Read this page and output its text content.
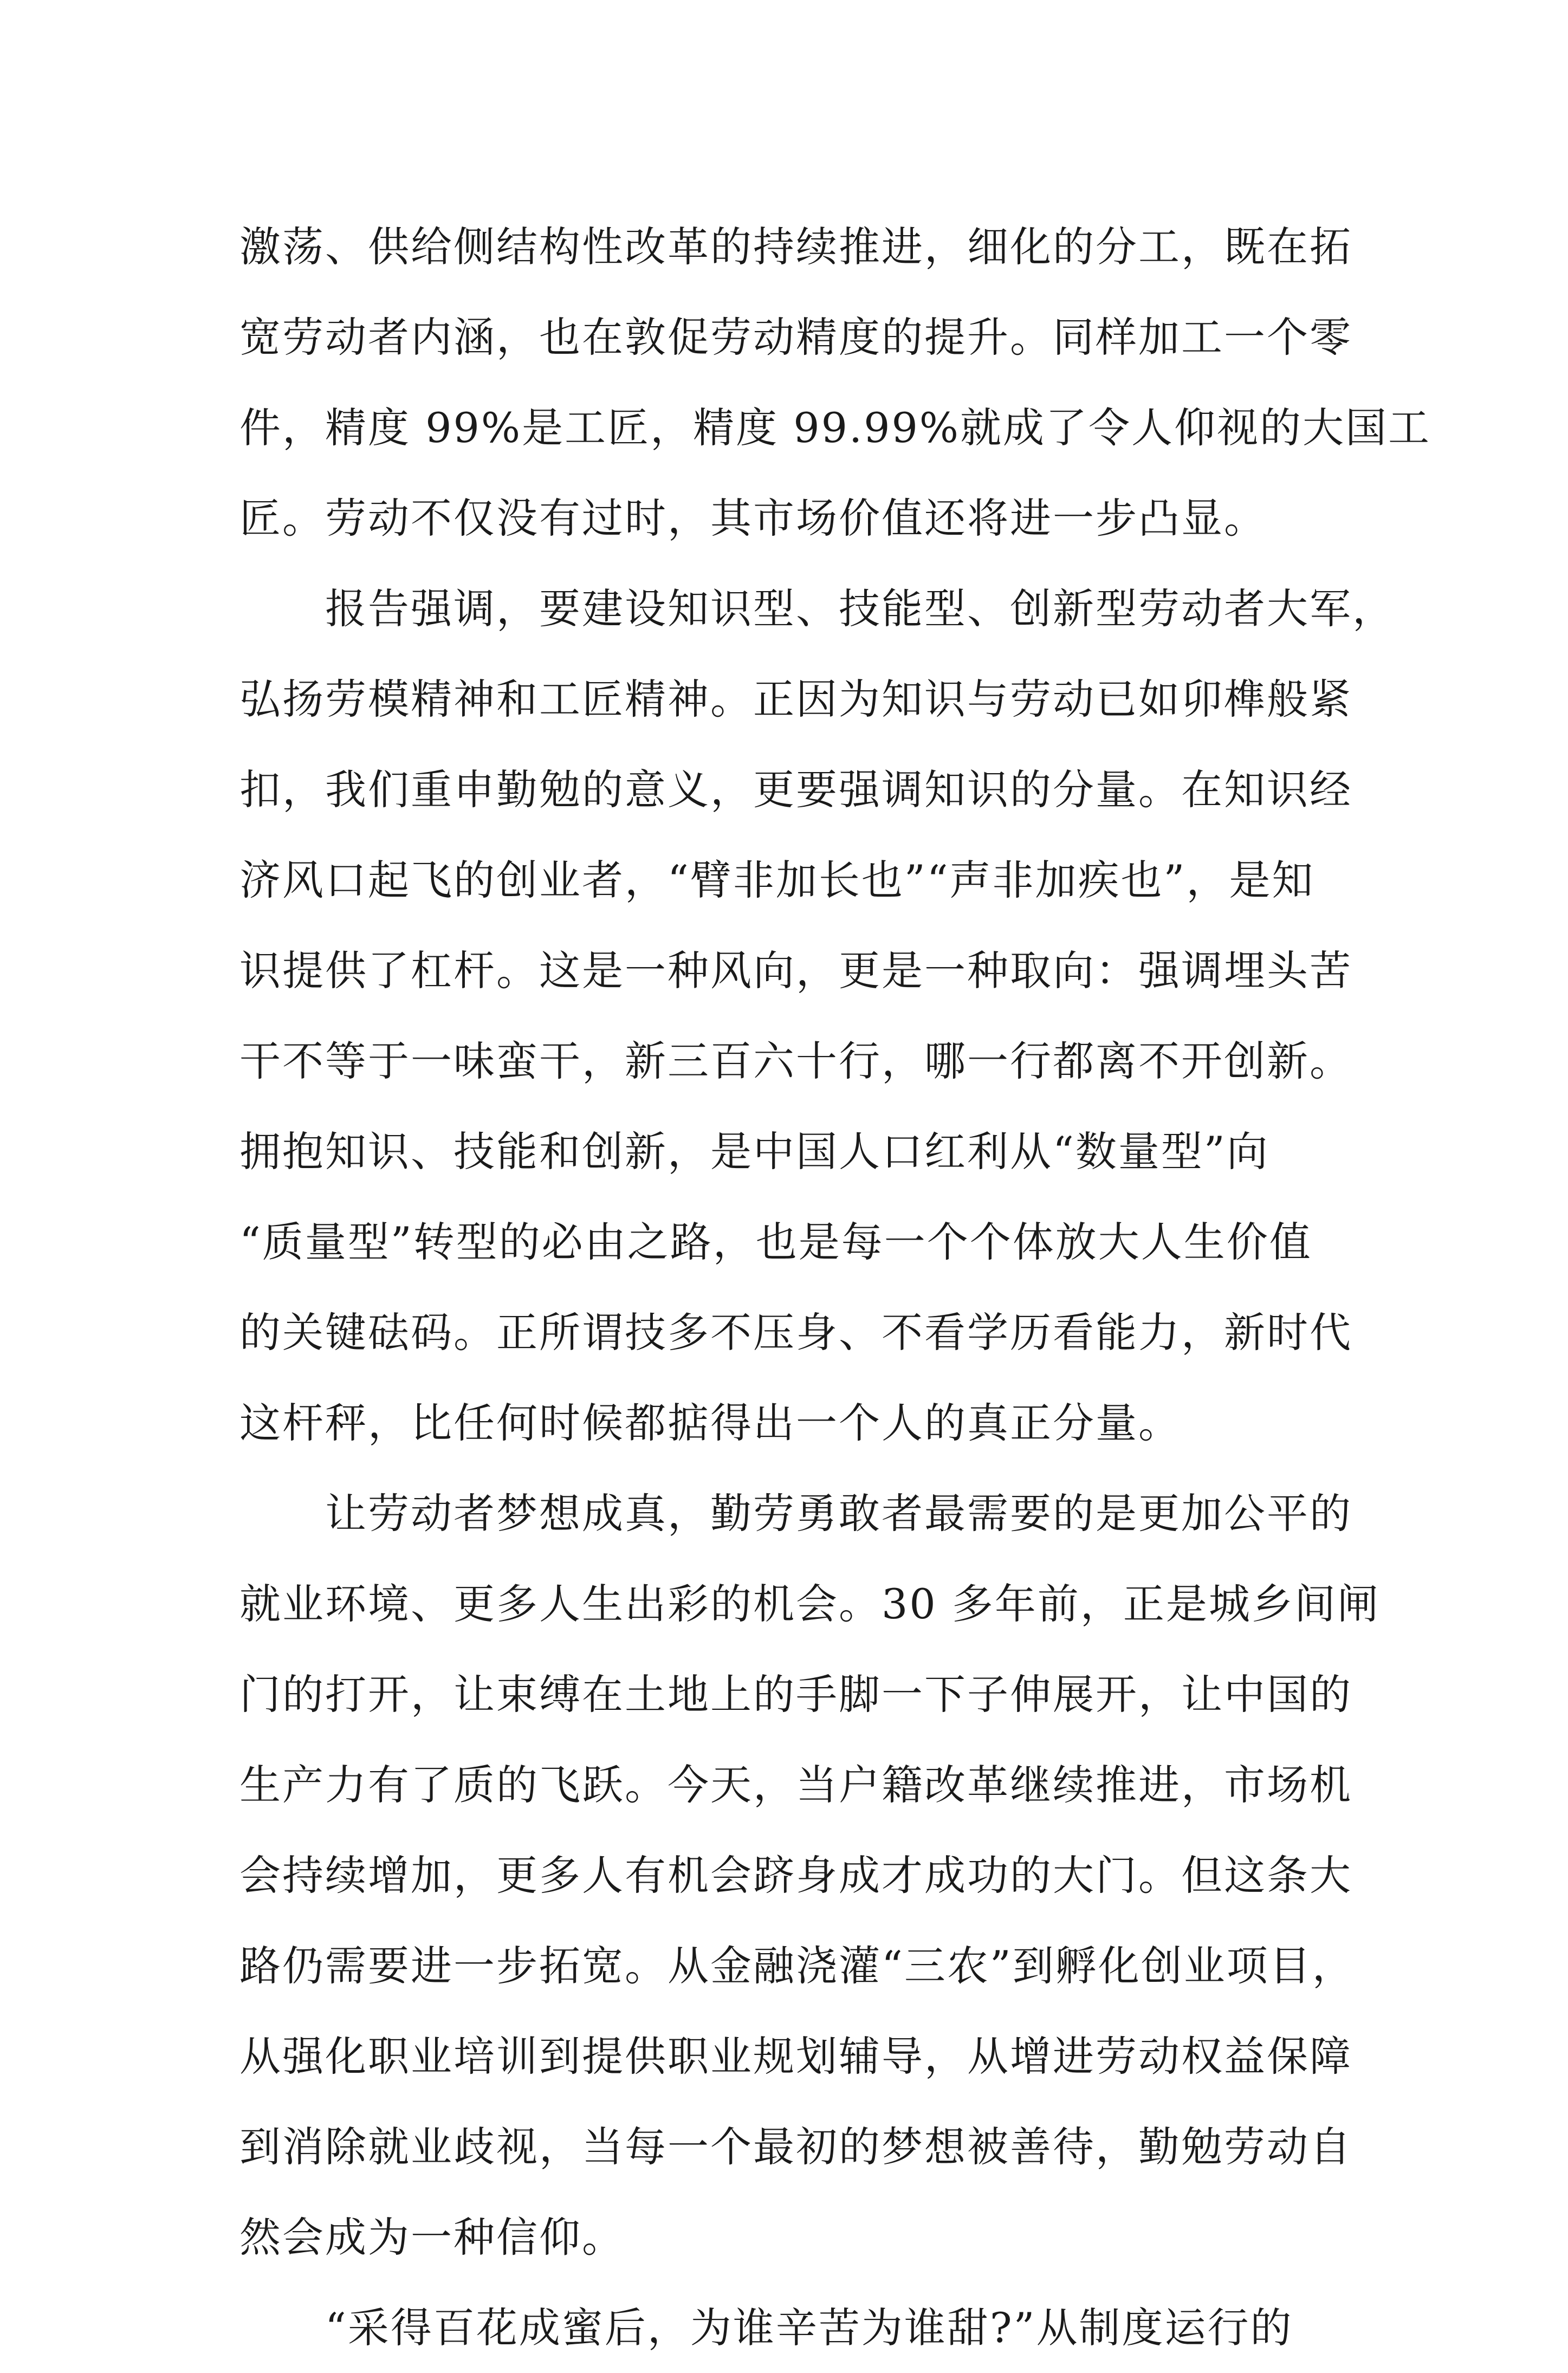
激荡、供给侧结构性改革的持续推进，细化的分工，既在拓
宽劳动者内涵，也在敦促劳动精度的提升。同样加工一个零
件，精度 99%是工匠，精度 99.99%就成了令人仰视的大国工
匠。劳动不仅没有过时，其市场价值还将进一步凸显。
　　报告强调，要建设知识型、技能型、创新型劳动者大军，
弘扬劳模精神和工匠精神。正因为知识与劳动已如卯榫般紧
扣，我们重申勤勉的意义，更要强调知识的分量。在知识经
济风口起飞的创业者，“臂非加长也”“声非加疾也”，是知
识提供了杠杆。这是一种风向，更是一种取向：强调埋头苦
干不等于一味蛮干，新三百六十行，哪一行都离不开创新。
拥抱知识、技能和创新，是中国人口红利从“数量型”向
“质量型”转型的必由之路，也是每一个个体放大人生价值
的关键砝码。正所谓技多不压身、不看学历看能力，新时代
这杆秤，比任何时候都掂得出一个人的真正分量。
　　让劳动者梦想成真，勤劳勇敢者最需要的是更加公平的
就业环境、更多人生出彩的机会。30 多年前，正是城乡间闸
门的打开，让束缚在土地上的手脚一下子伸展开，让中国的
生产力有了质的飞跃。今天，当户籍改革继续推进，市场机
会持续增加，更多人有机会跻身成才成功的大门。但这条大
路仍需要进一步拓宽。从金融浇灌“三农”到孵化创业项目，
从强化职业培训到提供职业规划辅导，从增进劳动权益保障
到消除就业歧视，当每一个最初的梦想被善待，勤勉劳动自
然会成为一种信仰。
　　“采得百花成蜜后，为谁辛苦为谁甜?”从制度运行的
